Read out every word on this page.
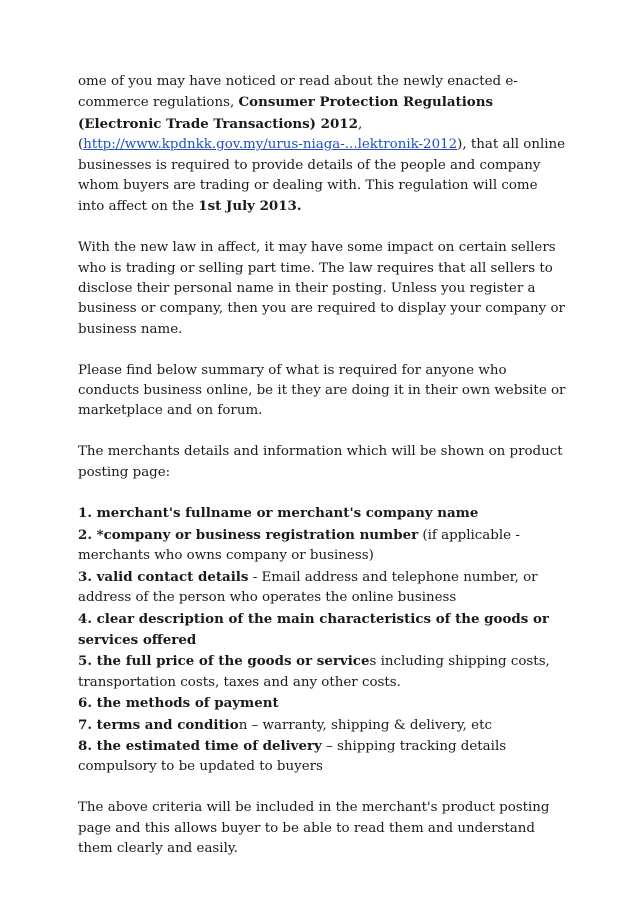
ome of you may have noticed or read about the newly enacted e-commerce regulations, Consumer Protection Regulations (Electronic Trade Transactions) 2012, (http://www.kpdnkk.gov.my/urus-niaga-...lektronik-2012), that all online businesses is required to provide details of the people and company whom buyers are trading or dealing with. This regulation will come into affect on the 1st July 2013.

With the new law in affect, it may have some impact on certain sellers who is trading or selling part time. The law requires that all sellers to disclose their personal name in their posting. Unless you register a business or company, then you are required to display your company or business name.

Please find below summary of what is required for anyone who conducts business online, be it they are doing it in their own website or marketplace and on forum.

The merchants details and information which will be shown on product posting page:

1. merchant's fullname or merchant's company name
2. *company or business registration number (if applicable - merchants who owns company or business)
3. valid contact details - Email address and telephone number, or address of the person who operates the online business
4. clear description of the main characteristics of the goods or services offered
5. the full price of the goods or services including shipping costs, transportation costs, taxes and any other costs.
6. the methods of payment
7. terms and condition – warranty, shipping & delivery, etc
8. the estimated time of delivery – shipping tracking details compulsory to be updated to buyers

The above criteria will be included in the merchant's product posting page and this allows buyer to be able to read them and understand them clearly and easily.
